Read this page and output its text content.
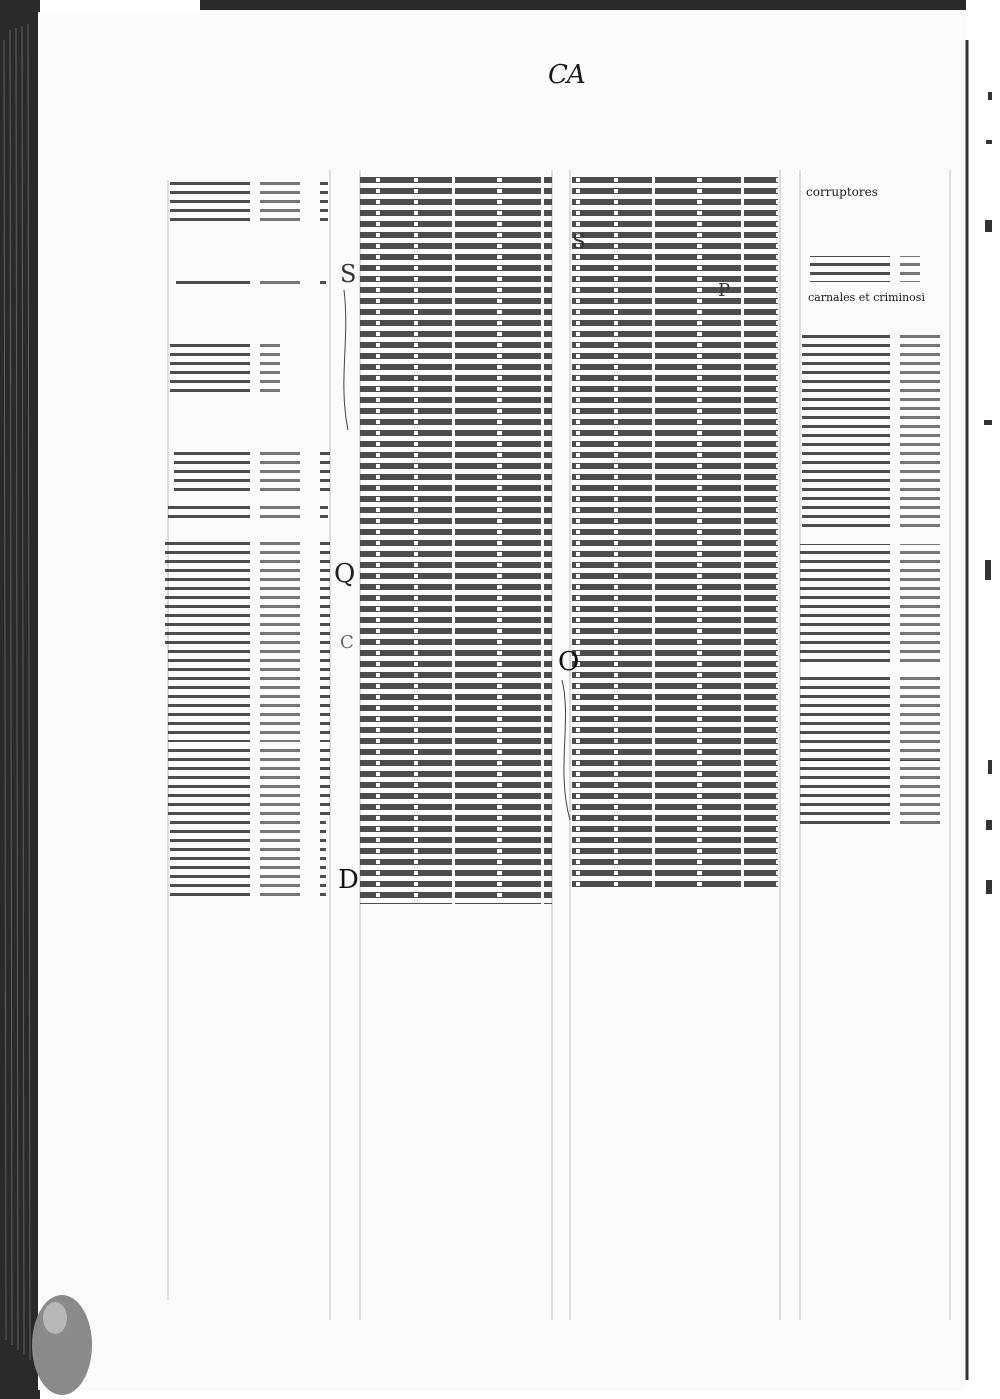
S
Q
C
D
O
P
S
CA
corruptores
carnales et criminosi
